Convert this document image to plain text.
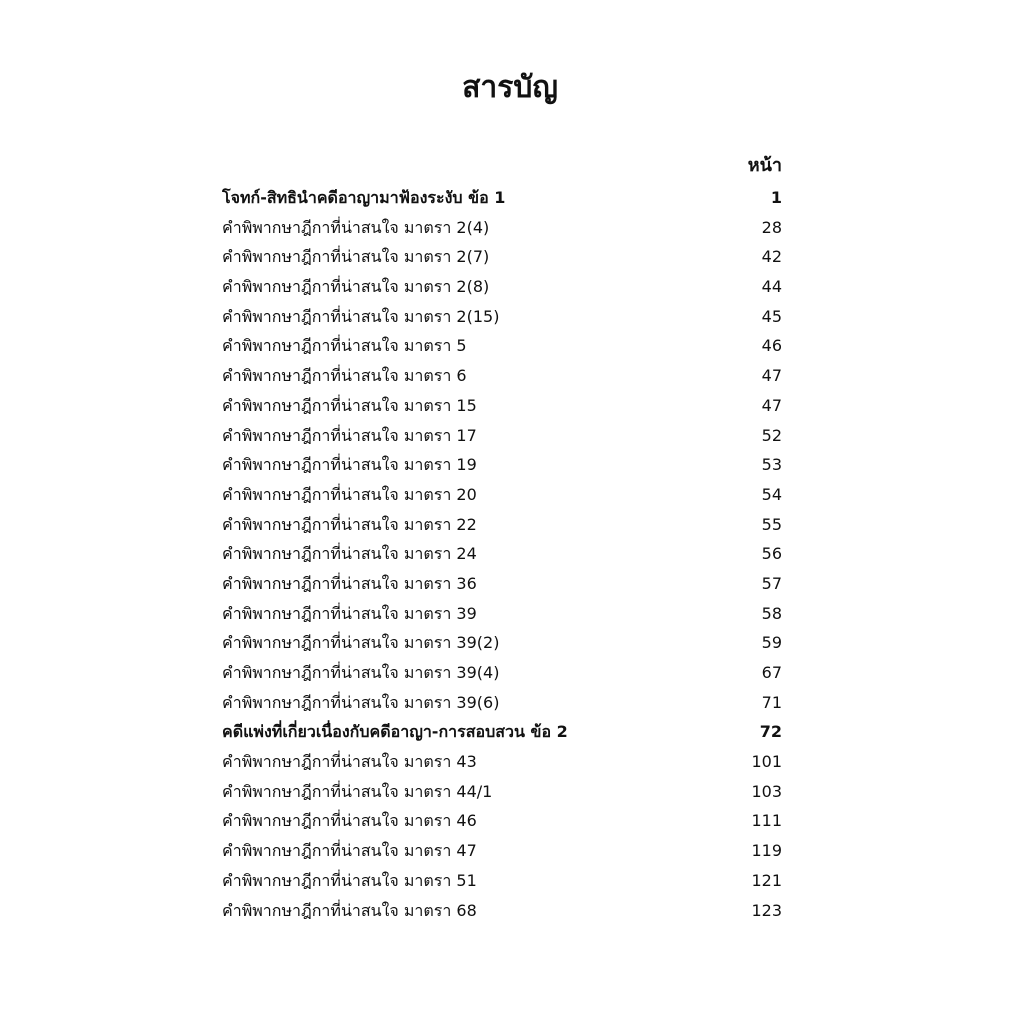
สารบัญ
หน้า
โจทก์-สิทธินำคดีอาญามาฟ้องระงับ ข้อ 1	1
คำพิพากษาฎีกาที่น่าสนใจ มาตรา 2(4)	28
คำพิพากษาฎีกาที่น่าสนใจ มาตรา 2(7)	42
คำพิพากษาฎีกาที่น่าสนใจ มาตรา 2(8)	44
คำพิพากษาฎีกาที่น่าสนใจ มาตรา 2(15)	45
คำพิพากษาฎีกาที่น่าสนใจ มาตรา 5	46
คำพิพากษาฎีกาที่น่าสนใจ มาตรา 6	47
คำพิพากษาฎีกาที่น่าสนใจ มาตรา 15	47
คำพิพากษาฎีกาที่น่าสนใจ มาตรา 17	52
คำพิพากษาฎีกาที่น่าสนใจ มาตรา 19	53
คำพิพากษาฎีกาที่น่าสนใจ มาตรา 20	54
คำพิพากษาฎีกาที่น่าสนใจ มาตรา 22	55
คำพิพากษาฎีกาที่น่าสนใจ มาตรา 24	56
คำพิพากษาฎีกาที่น่าสนใจ มาตรา 36	57
คำพิพากษาฎีกาที่น่าสนใจ มาตรา 39	58
คำพิพากษาฎีกาที่น่าสนใจ มาตรา 39(2)	59
คำพิพากษาฎีกาที่น่าสนใจ มาตรา 39(4)	67
คำพิพากษาฎีกาที่น่าสนใจ มาตรา 39(6)	71
คดีแพ่งที่เกี่ยวเนื่องกับคดีอาญา-การสอบสวน ข้อ 2	72
คำพิพากษาฎีกาที่น่าสนใจ มาตรา 43	101
คำพิพากษาฎีกาที่น่าสนใจ มาตรา 44/1	103
คำพิพากษาฎีกาที่น่าสนใจ มาตรา 46	111
คำพิพากษาฎีกาที่น่าสนใจ มาตรา 47	119
คำพิพากษาฎีกาที่น่าสนใจ มาตรา 51	121
คำพิพากษาฎีกาที่น่าสนใจ มาตรา 68	123
